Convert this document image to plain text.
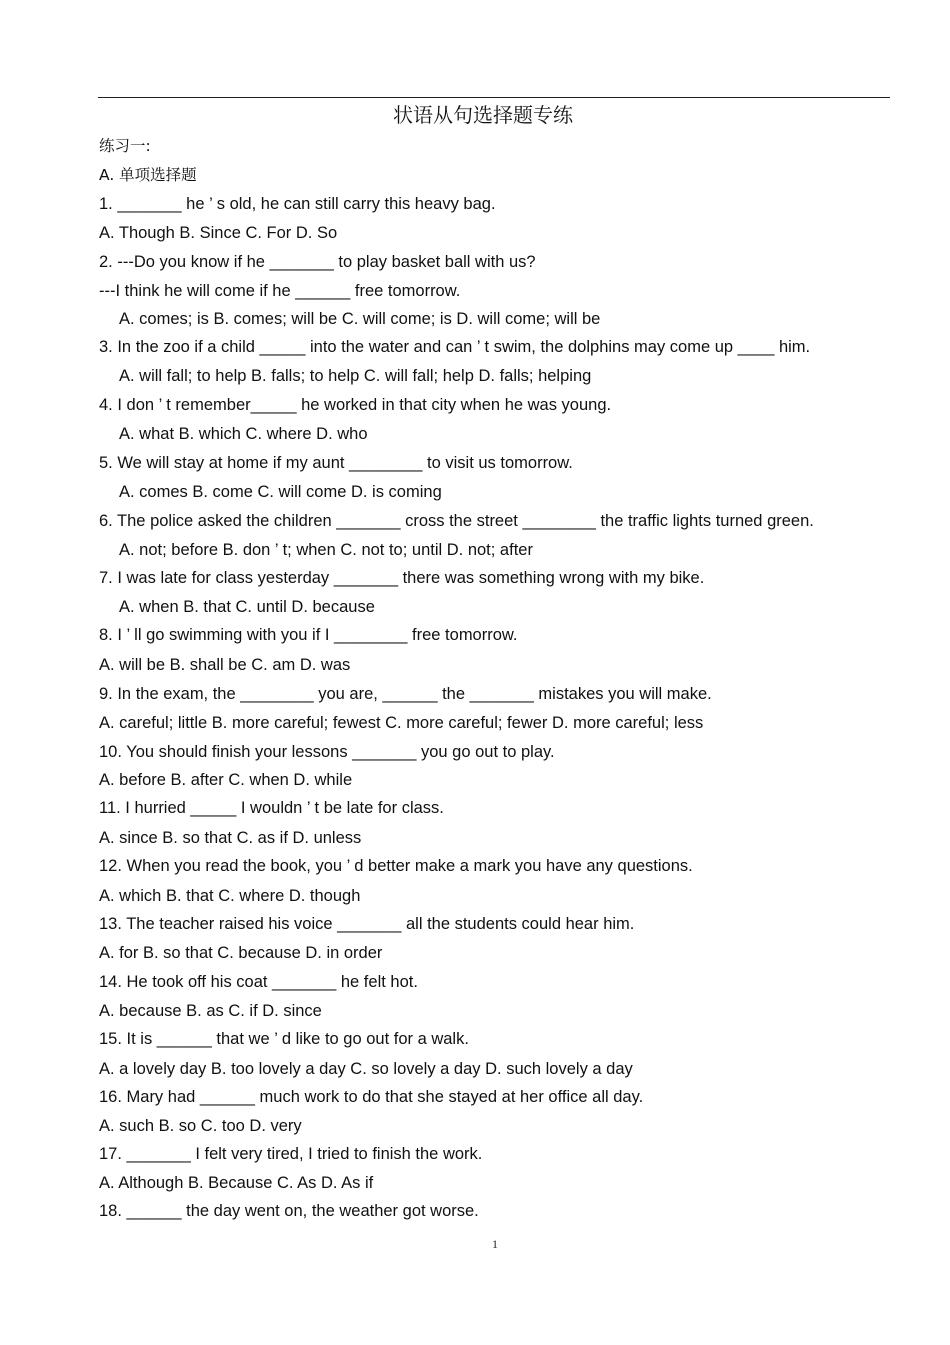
状语从句选择题专练
练习一:
A. 单项选择题
1. _______ he ’ s old, he can still carry this heavy bag.
A. Though B. Since C. For D. So
2. ---Do you know if he _______ to play basket ball with us?
---I think he will come if he ______ free tomorrow.
A. comes; is B. comes; will be C. will come; is D. will come; will be
3. In the zoo if a child _____ into the water and can ’ t swim, the dolphins may come up ____ him.
A. will fall; to help B. falls; to help C. will fall; help D. falls; helping
4. I don ’ t remember_____ he worked in that city when he was young.
A. what B. which C. where D. who
5. We will stay at home if my aunt ________ to visit us tomorrow.
A. comes B. come C. will come D. is coming
6. The police asked the children _______ cross the street ________ the traffic lights turned green.
A. not; before B. don ’ t; when C. not to; until D. not; after
7. I was late for class yesterday _______ there was something wrong with my bike.
A. when B. that C. until D. because
8. I ’ ll go swimming with you if I ________ free tomorrow.
A. will be B. shall be C. am D. was
9. In the exam, the ________ you are, ______ the _______ mistakes you will make.
A. careful; little B. more careful; fewest C. more careful; fewer D. more careful; less
10. You should finish your lessons _______ you go out to play.
A. before B. after C. when D. while
11. I hurried _____ I wouldn ’ t be late for class.
A. since B. so that C. as if D. unless
12. When you read the book, you ’ d better make a mark you have any questions.
A. which B. that C. where D. though
13. The teacher raised his voice _______ all the students could hear him.
A. for B. so that C. because D. in order
14. He took off his coat _______ he felt hot.
A. because B. as C. if D. since
15. It is ______ that we ’ d like to go out for a walk.
A. a lovely day B. too lovely a day C. so lovely a day D. such lovely a day
16. Mary had ______ much work to do that she stayed at her office all day.
A. such B. so C. too D. very
17. _______ I felt very tired, I tried to finish the work.
A. Although B. Because C. As D. As if
18. ______ the day went on, the weather got worse.
1
